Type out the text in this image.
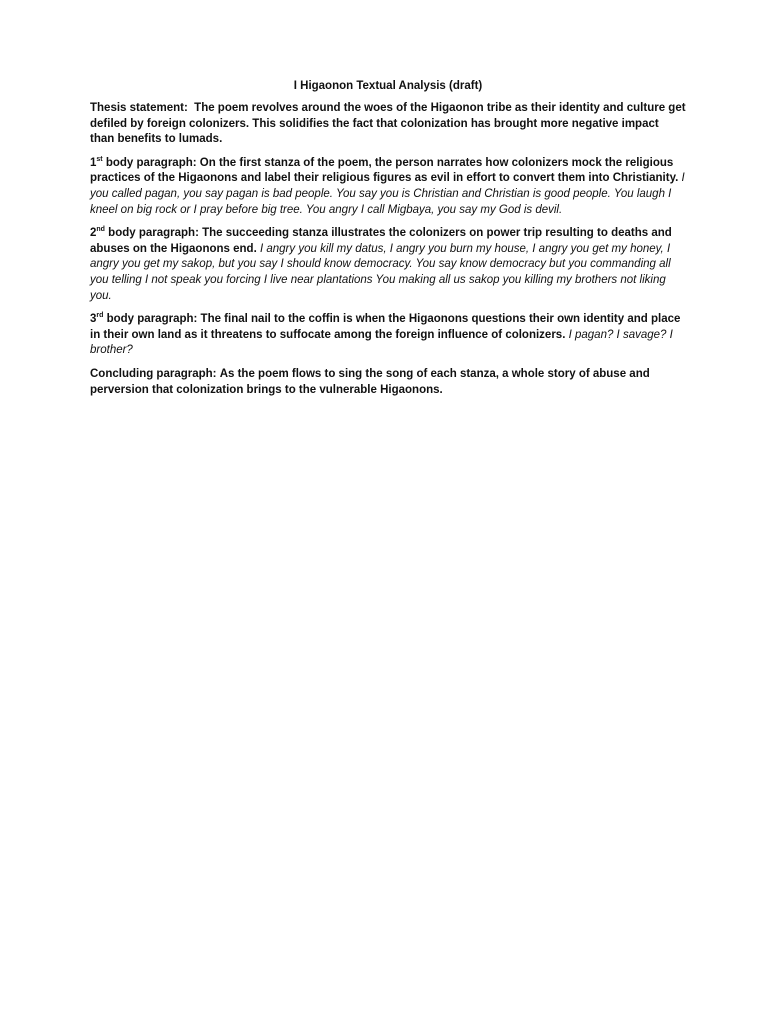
I Higaonon Textual Analysis (draft)

Thesis statement: The poem revolves around the woes of the Higaonon tribe as their identity and culture get defiled by foreign colonizers. This solidifies the fact that colonization has brought more negative impact than benefits to lumads.

1st body paragraph: On the first stanza of the poem, the person narrates how colonizers mock the religious practices of the Higaonons and label their religious figures as evil in effort to convert them into Christianity. I you called pagan, you say pagan is bad people. You say you is Christian and Christian is good people. You laugh I kneel on big rock or I pray before big tree. You angry I call Migbaya, you say my God is devil.

2nd body paragraph: The succeeding stanza illustrates the colonizers on power trip resulting to deaths and abuses on the Higaonons end. I angry you kill my datus, I angry you burn my house, I angry you get my honey, I angry you get my sakop, but you say I should know democracy. You say know democracy but you commanding all you telling I not speak you forcing I live near plantations You making all us sakop you killing my brothers not liking you.

3rd body paragraph: The final nail to the coffin is when the Higaonons questions their own identity and place in their own land as it threatens to suffocate among the foreign influence of colonizers. I pagan? I savage? I brother?

Concluding paragraph: As the poem flows to sing the song of each stanza, a whole story of abuse and perversion that colonization brings to the vulnerable Higaonons.
